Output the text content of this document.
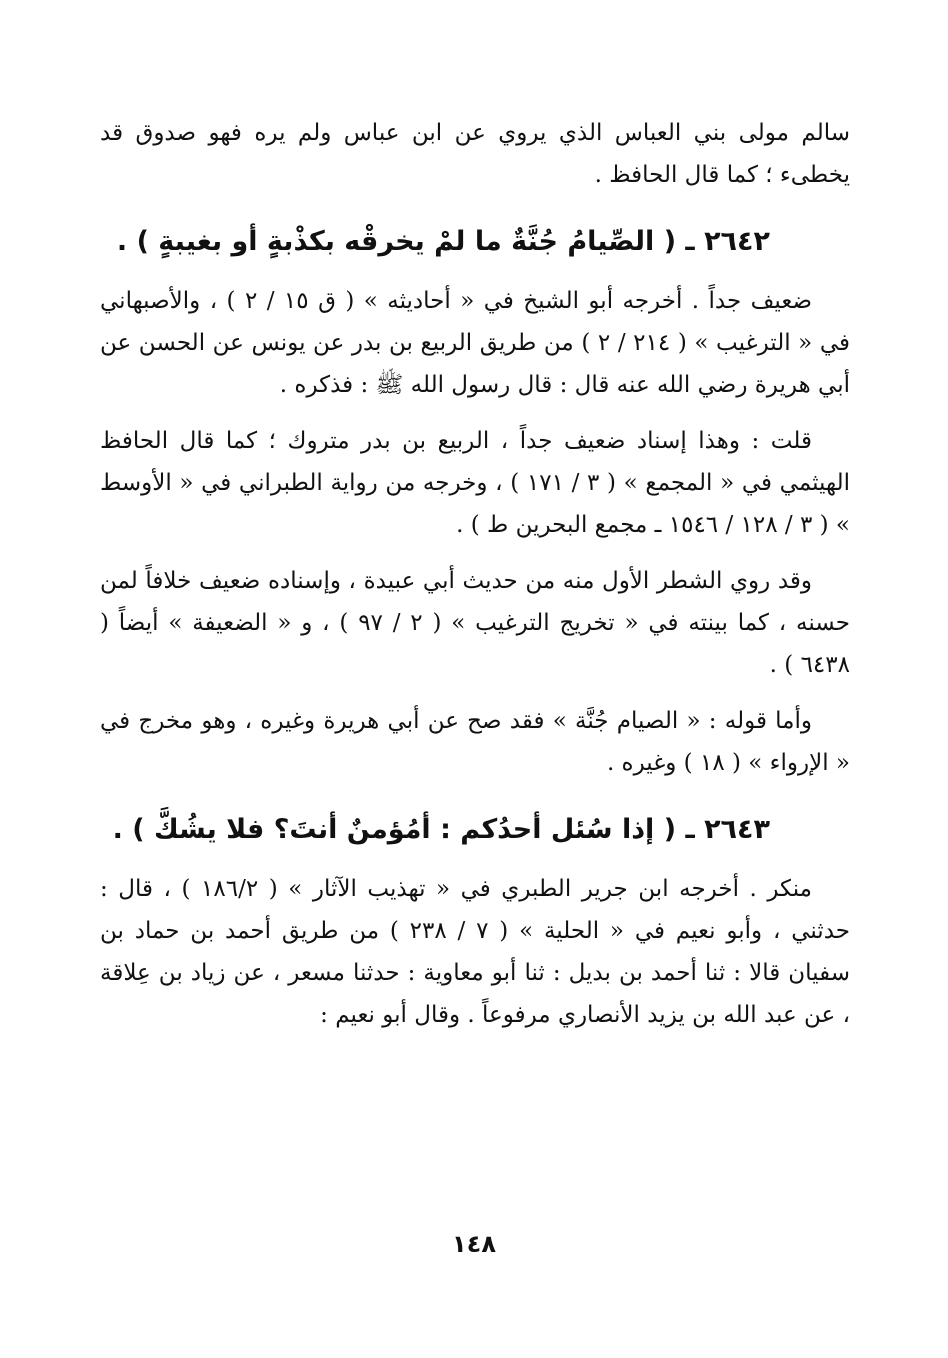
سالم مولى بني العباس الذي يروي عن ابن عباس ولم يره فهو صدوق قد يخطىء ؛ كما قال الحافظ .

٢٦٤٢ ـ ( الصِّيامُ جُنَّةٌ ما لمْ يخرقْه بكذْبةٍ أو بغيبةٍ ) .

ضعيف جداً . أخرجه أبو الشيخ في « أحاديثه » ( ق ١٥ / ٢ ) ، والأصبهاني في « الترغيب » ( ٢١٤ / ٢ ) من طريق الربيع بن بدر عن يونس عن الحسن عن أبي هريرة رضي الله عنه قال : قال رسول الله ﷺ : فذكره .

قلت : وهذا إسناد ضعيف جداً ، الربيع بن بدر متروك ؛ كما قال الحافظ الهيثمي في « المجمع » ( ٣ / ١٧١ ) ، وخرجه من رواية الطبراني في « الأوسط » ( ٣ / ١٢٨ / ١٥٤٦ ـ مجمع البحرين ط ) .

وقد روي الشطر الأول منه من حديث أبي عبيدة ، وإسناده ضعيف خلافاً لمن حسنه ، كما بينته في « تخريج الترغيب » ( ٢ / ٩٧ ) ، و « الضعيفة » أيضاً ( ٦٤٣٨ ) .

وأما قوله : « الصيام جُنَّة » فقد صح عن أبي هريرة وغيره ، وهو مخرج في « الإرواء » ( ١٨ ) وغيره .

٢٦٤٣ ـ ( إذا سُئل أحدُكم : أمُؤمنٌ أنتَ؟ فلا يشُكَّ ) .

منكر . أخرجه ابن جرير الطبري في « تهذيب الآثار » ( ١٨٦/٢ ) ، قال : حدثني ، وأبو نعيم في « الحلية » ( ٧ / ٢٣٨ ) من طريق أحمد بن حماد بن سفيان قالا : ثنا أحمد بن بديل : ثنا أبو معاوية : حدثنا مسعر ، عن زياد بن عِلاقة ، عن عبد الله بن يزيد الأنصاري مرفوعاً . وقال أبو نعيم :

١٤٨
